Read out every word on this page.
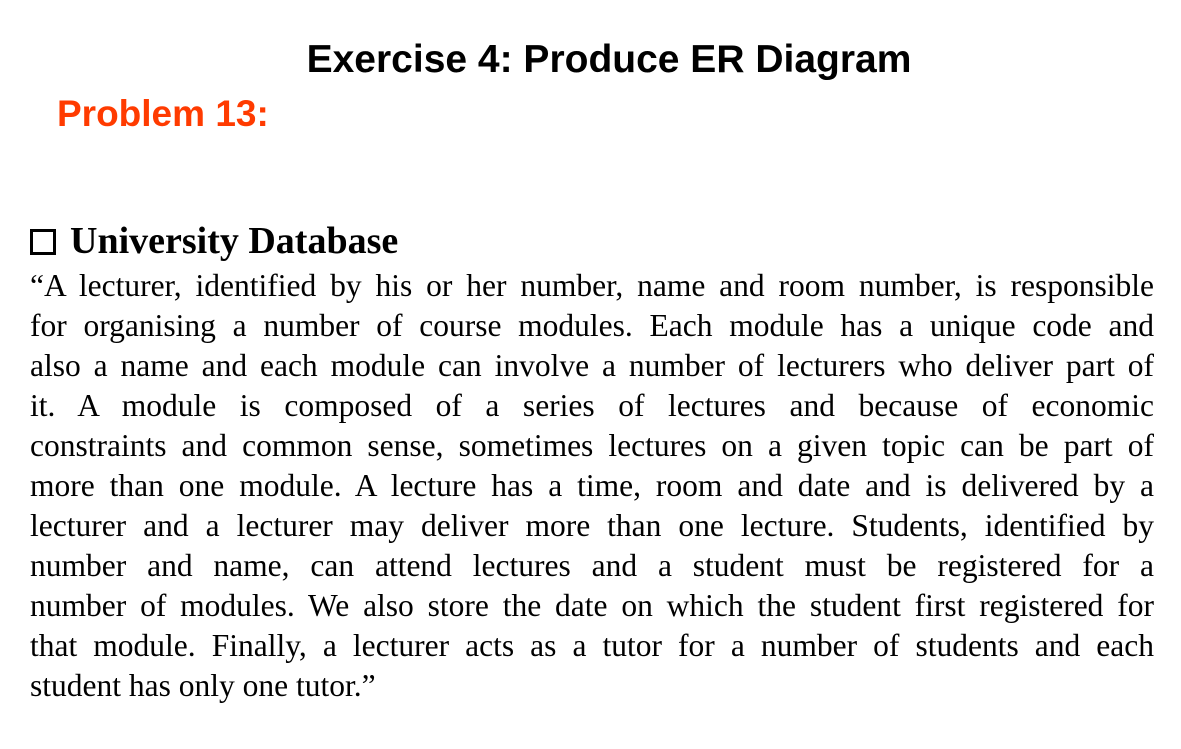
Exercise 4: Produce ER Diagram
Problem 13:
University Database
“A lecturer, identified by his or her number, name and room number, is responsible
for organising a number of course modules. Each module has a unique code and
also a name and each module can involve a number of lecturers who deliver part of
it. A module is composed of a series of lectures and because of economic
constraints and common sense, sometimes lectures on a given topic can be part of
more than one module. A lecture has a time, room and date and is delivered by a
lecturer and a lecturer may deliver more than one lecture. Students, identified by
number and name, can attend lectures and a student must be registered for a
number of modules. We also store the date on which the student first registered for
that module. Finally, a lecturer acts as a tutor for a number of students and each
student has only one tutor.”
